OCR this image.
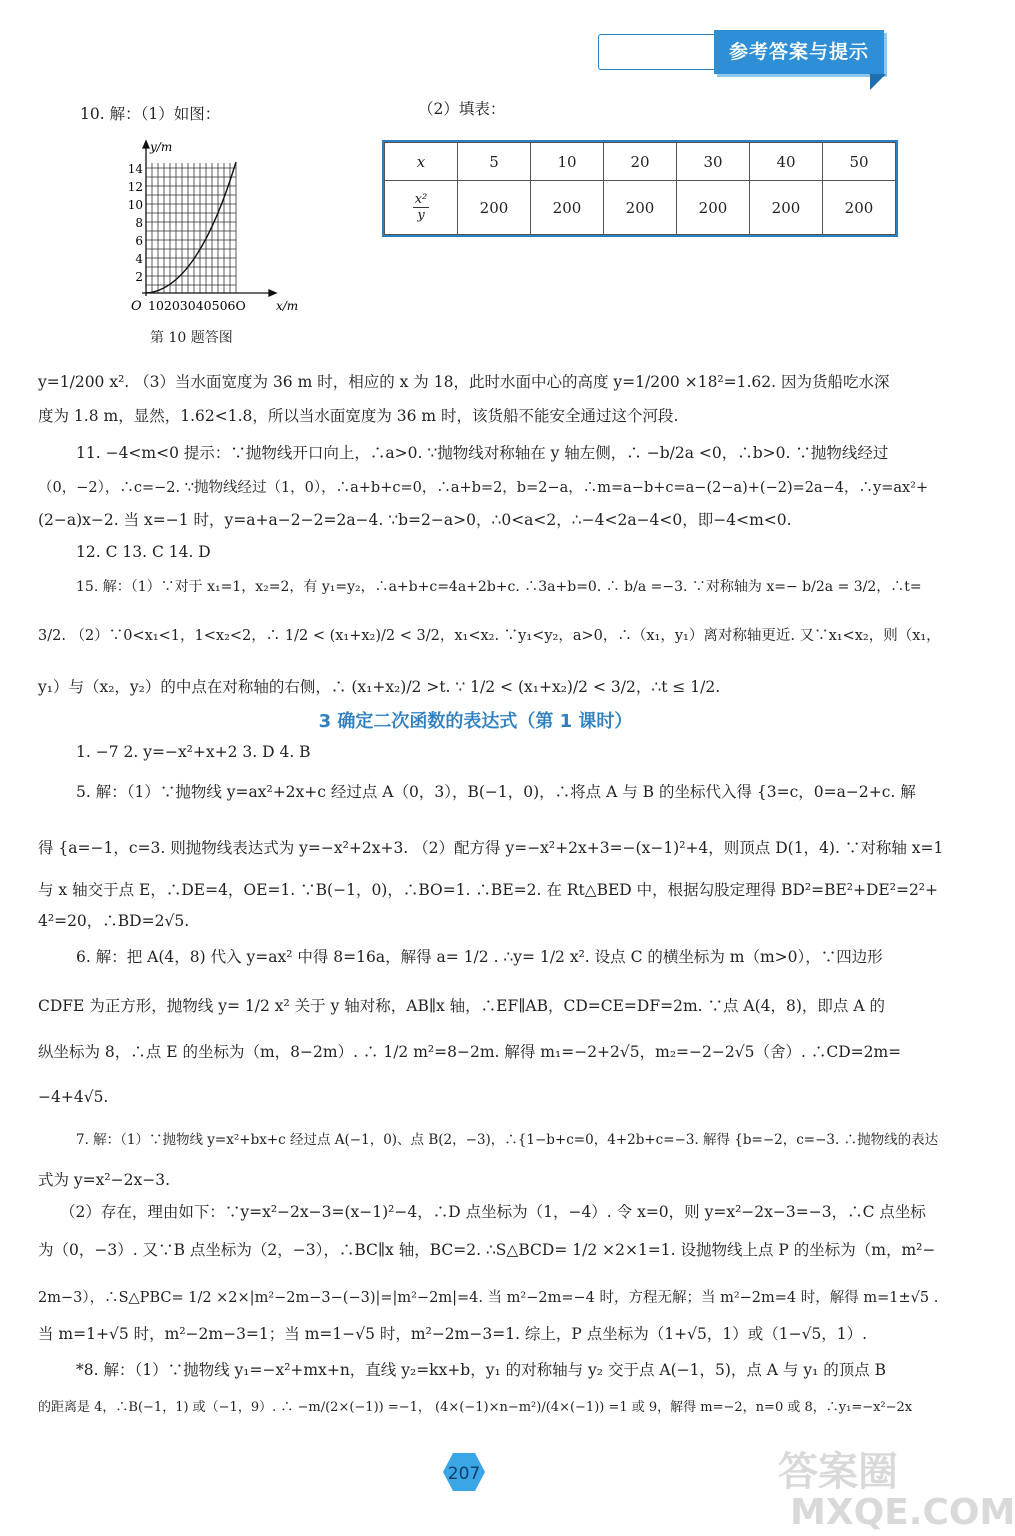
参考答案与提示
10. 解：（1）如图：	（2）填表：
y/m
x/m
O
14
12
10
8
6
4
2
10203040506O
第 10 题答图
x	5	10	20	30	40	50
x²
y	200	200	200	200	200	200
y=1/200 x². （3）当水面宽度为 36 m 时，相应的 x 为 18，此时水面中心的高度 y=1/200 ×18²=1.62. 因为货船吃水深
度为 1.8 m，显然，1.62<1.8，所以当水面宽度为 36 m 时，该货船不能安全通过这个河段.
11. −4<m<0 提示：∵抛物线开口向上，∴a>0. ∵抛物线对称轴在 y 轴左侧，∴ −b/2a <0，∴b>0. ∵抛物线经过
（0，−2），∴c=−2. ∵抛物线经过（1，0），∴a+b+c=0，∴a+b=2，b=2−a，∴m=a−b+c=a−(2−a)+(−2)=2a−4，∴y=ax²+
(2−a)x−2. 当 x=−1 时，y=a+a−2−2=2a−4. ∵b=2−a>0，∴0<a<2，∴−4<2a−4<0，即−4<m<0.
12. C 13. C 14. D
15. 解：（1）∵对于 x₁=1，x₂=2，有 y₁=y₂，∴a+b+c=4a+2b+c. ∴3a+b=0. ∴ b/a =−3. ∵对称轴为 x=− b/2a = 3/2，∴t=
3/2. （2）∵0<x₁<1，1<x₂<2，∴ 1/2 < (x₁+x₂)/2 < 3/2，x₁<x₂. ∵y₁<y₂，a>0，∴（x₁，y₁）离对称轴更近. 又∵x₁<x₂，则（x₁，
y₁）与（x₂，y₂）的中点在对称轴的右侧，∴ (x₁+x₂)/2 >t. ∵ 1/2 < (x₁+x₂)/2 < 3/2，∴t ≤ 1/2.
3 确定二次函数的表达式（第 1 课时）
1. −7 2. y=−x²+x+2 3. D 4. B
5. 解：（1）∵抛物线 y=ax²+2x+c 经过点 A（0，3），B(−1，0)，∴将点 A 与 B 的坐标代入得 {3=c，0=a−2+c. 解
得 {a=−1，c=3. 则抛物线表达式为 y=−x²+2x+3. （2）配方得 y=−x²+2x+3=−(x−1)²+4，则顶点 D(1，4). ∵对称轴 x=1
与 x 轴交于点 E，∴DE=4，OE=1. ∵B(−1，0)，∴BO=1. ∴BE=2. 在 Rt△BED 中，根据勾股定理得 BD²=BE²+DE²=2²+
4²=20，∴BD=2√5.
6. 解：把 A(4，8) 代入 y=ax² 中得 8=16a，解得 a= 1/2 . ∴y= 1/2 x². 设点 C 的横坐标为 m（m>0），∵四边形
CDFE 为正方形，抛物线 y= 1/2 x² 关于 y 轴对称，AB∥x 轴，∴EF∥AB，CD=CE=DF=2m. ∵点 A(4，8)，即点 A 的
纵坐标为 8，∴点 E 的坐标为（m，8−2m）. ∴ 1/2 m²=8−2m. 解得 m₁=−2+2√5，m₂=−2−2√5（舍）. ∴CD=2m=
−4+4√5.
7. 解：（1）∵抛物线 y=x²+bx+c 经过点 A(−1，0)、点 B(2，−3)，∴{1−b+c=0，4+2b+c=−3. 解得 {b=−2，c=−3. ∴抛物线的表达
式为 y=x²−2x−3.
（2）存在，理由如下：∵y=x²−2x−3=(x−1)²−4，∴D 点坐标为（1，−4）. 令 x=0，则 y=x²−2x−3=−3，∴C 点坐标
为（0，−3）. 又∵B 点坐标为（2，−3），∴BC∥x 轴，BC=2. ∴S△BCD= 1/2 ×2×1=1. 设抛物线上点 P 的坐标为（m，m²−
2m−3），∴S△PBC= 1/2 ×2×|m²−2m−3−(−3)|=|m²−2m|=4. 当 m²−2m=−4 时，方程无解；当 m²−2m=4 时，解得 m=1±√5 .
当 m=1+√5 时，m²−2m−3=1；当 m=1−√5 时，m²−2m−3=1. 综上，P 点坐标为（1+√5，1）或（1−√5，1）.
*8. 解：（1）∵抛物线 y₁=−x²+mx+n，直线 y₂=kx+b，y₁ 的对称轴与 y₂ 交于点 A(−1，5)，点 A 与 y₁ 的顶点 B
的距离是 4，∴B(−1，1) 或（−1，9）. ∴ −m/(2×(−1)) =−1， (4×(−1)×n−m²)/(4×(−1)) =1 或 9，解得 m=−2，n=0 或 8，∴y₁=−x²−2x
207	答案圈
MXQE.COM
